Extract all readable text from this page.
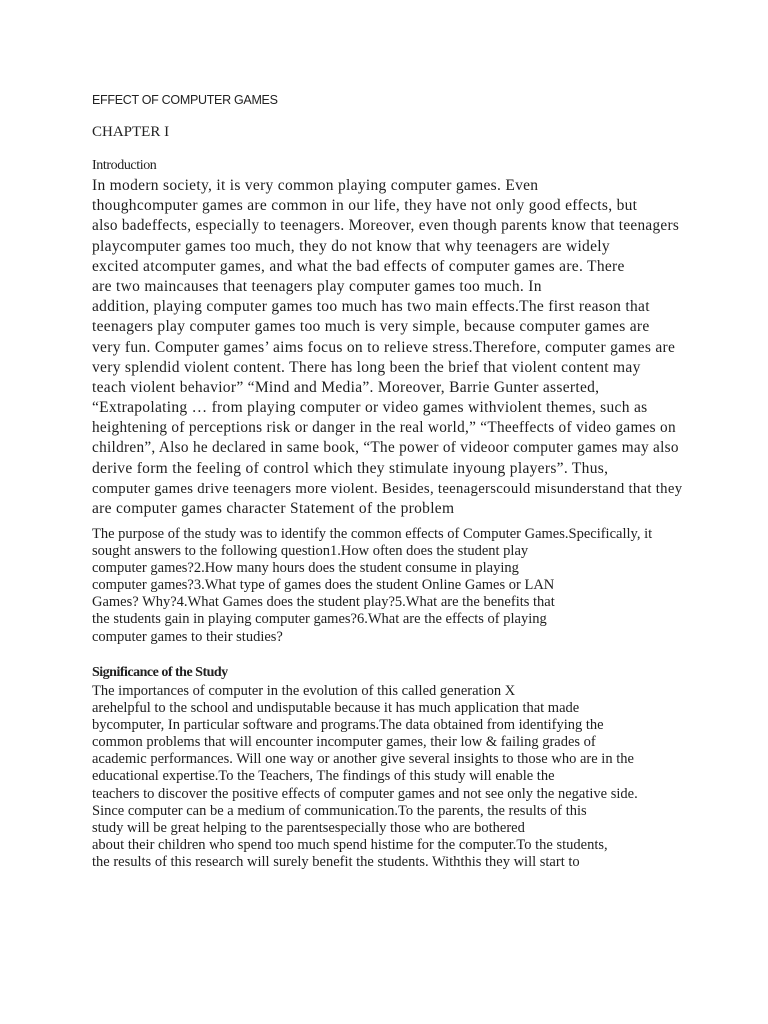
EFFECT OF COMPUTER GAMES
CHAPTER I
Introduction
In modern society, it is very common playing computer games. Even
thoughcomputer games are common in our life, they have not only good effects, but
also badeffects, especially to teenagers. Moreover, even though parents know that teenagers
playcomputer games too much, they do not know that why teenagers are widely
excited atcomputer games, and what the bad effects of computer games are. There
are two maincauses that teenagers play computer games too much. In
addition, playing computer games too much has two main effects.The first reason that
teenagers play computer games too much is very simple, because computer games are
very fun. Computer games’ aims focus on to relieve stress.Therefore, computer games are
very splendid violent content. There has long been the brief that violent content may
teach violent behavior” “Mind and Media”. Moreover, Barrie Gunter asserted,
“Extrapolating … from playing computer or video games withviolent themes, such as
heightening of perceptions risk or danger in the real world,” “Theeffects of video games on
children”, Also he declared in same book, “The power of videoor computer games may also
derive form the feeling of control which they stimulate inyoung players”. Thus,
computer games drive teenagers more violent. Besides, teenagerscould misunderstand that they
are computer games character Statement of the problem
The purpose of the study was to identify the common effects of Computer Games.Specifically, it
sought answers to the following question1.How often does the student play
computer games?2.How many hours does the student consume in playing
computer games?3.What type of games does the student Online Games or LAN
Games? Why?4.What Games does the student play?5.What are the benefits that
the students gain in playing computer games?6.What are the effects of playing
computer games to their studies?
Significance of the Study
The importances of computer in the evolution of this called generation X
arehelpful to the school and undisputable because it has much application that made
bycomputer, In particular software and programs.The data obtained from identifying the
common problems that will encounter incomputer games, their low & failing grades of
academic performances. Will one way or another give several insights to those who are in the
educational expertise.To the Teachers, The findings of this study will enable the
teachers to discover the positive effects of computer games and not see only the negative side.
Since computer can be a medium of communication.To the parents, the results of this
study will be great helping to the parentsespecially those who are bothered
about their children who spend too much spend histime for the computer.To the students,
the results of this research will surely benefit the students. Withthis they will start to
